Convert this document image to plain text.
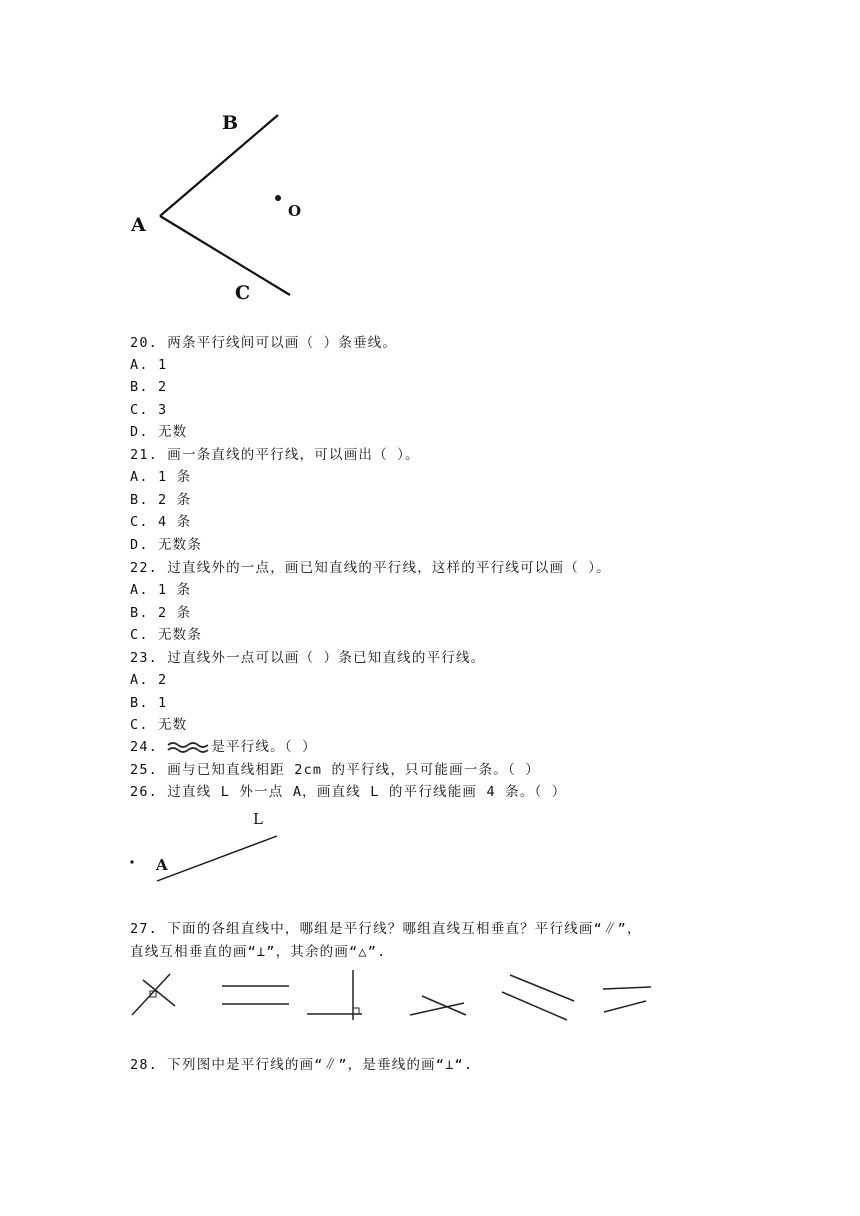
B
A
C
O
20. 两条平行线间可以画（ ）条垂线。
A. 1
B. 2
C. 3
D. 无数
21. 画一条直线的平行线，可以画出（ ）。
A. 1 条
B. 2 条
C. 4 条
D. 无数条
22. 过直线外的一点，画已知直线的平行线，这样的平行线可以画（ ）。
A. 1 条
B. 2 条
C. 无数条
23. 过直线外一点可以画（ ）条已知直线的平行线。
A. 2
B. 1
C. 无数
24.	是平行线。（ ）
25. 画与已知直线相距 2cm 的平行线，只可能画一条。（ ）
26. 过直线 L 外一点 A，画直线 L 的平行线能画 4 条。（ ）
L
A
27. 下面的各组直线中，哪组是平行线？哪组直线互相垂直？平行线画“∥”，
直线互相垂直的画“⊥”，其余的画“△”.
28. 下列图中是平行线的画“∥”，是垂线的画“⊥“.
